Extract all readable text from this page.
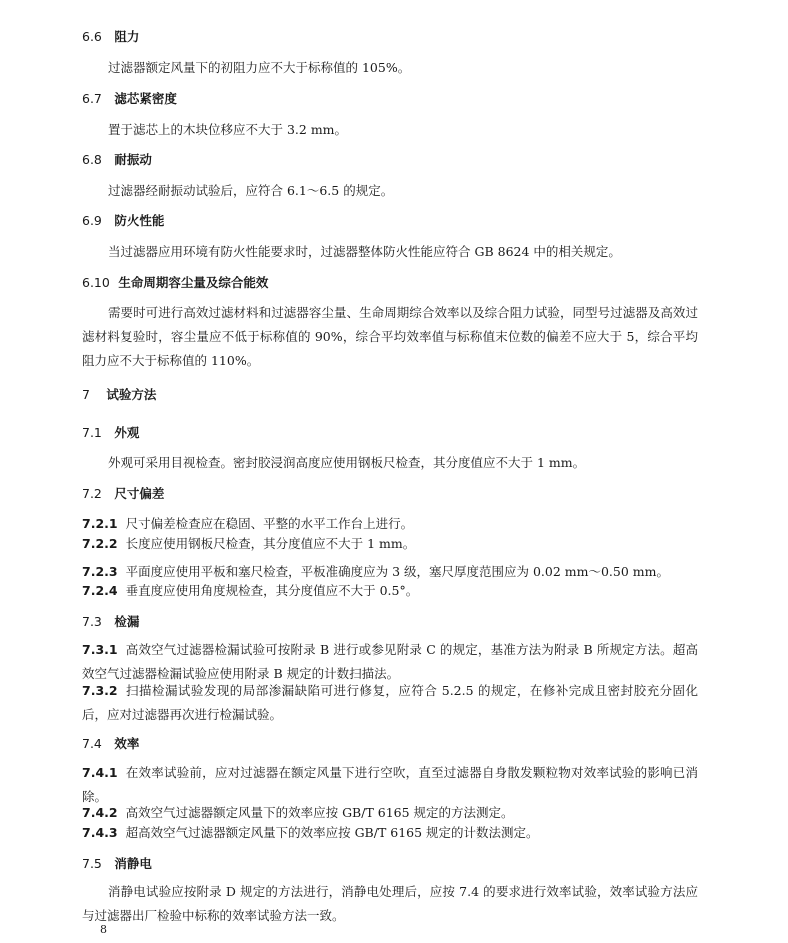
6.6 阻力

过滤器额定风量下的初阻力应不大于标称值的 105%。

6.7 滤芯紧密度

置于滤芯上的木块位移应不大于 3.2 mm。

6.8 耐振动

过滤器经耐振动试验后，应符合 6.1～6.5 的规定。

6.9 防火性能

当过滤器应用环境有防火性能要求时，过滤器整体防火性能应符合 GB 8624 中的相关规定。

6.10 生命周期容尘量及综合能效

需要时可进行高效过滤材料和过滤器容尘量、生命周期综合效率以及综合阻力试验，同型号过滤器及高效过滤材料复验时，容尘量应不低于标称值的 90%，综合平均效率值与标称值末位数的偏差不应大于 5，综合平均阻力应不大于标称值的 110%。

7 试验方法
7.1 外观

外观可采用目视检查。密封胶浸润高度应使用钢板尺检查，其分度值应不大于 1 mm。

7.2 尺寸偏差

7.2.1 尺寸偏差检查应在稳固、平整的水平工作台上进行。

7.2.2 长度应使用钢板尺检查，其分度值应不大于 1 mm。

7.2.3 平面度应使用平板和塞尺检查，平板准确度应为 3 级，塞尺厚度范围应为 0.02 mm～0.50 mm。

7.2.4 垂直度应使用角度规检查，其分度值应不大于 0.5°。

7.3 检漏

7.3.1 高效空气过滤器检漏试验可按附录 B 进行或参见附录 C 的规定，基准方法为附录 B 所规定方法。超高效空气过滤器检漏试验应使用附录 B 规定的计数扫描法。

7.3.2 扫描检漏试验发现的局部渗漏缺陷可进行修复，应符合 5.2.5 的规定，在修补完成且密封胶充分固化后，应对过滤器再次进行检漏试验。

7.4 效率

7.4.1 在效率试验前，应对过滤器在额定风量下进行空吹，直至过滤器自身散发颗粒物对效率试验的影响已消除。

7.4.2 高效空气过滤器额定风量下的效率应按 GB/T 6165 规定的方法测定。

7.4.3 超高效空气过滤器额定风量下的效率应按 GB/T 6165 规定的计数法测定。

7.5 消静电

消静电试验应按附录 D 规定的方法进行，消静电处理后，应按 7.4 的要求进行效率试验，效率试验方法应与过滤器出厂检验中标称的效率试验方法一致。

8
